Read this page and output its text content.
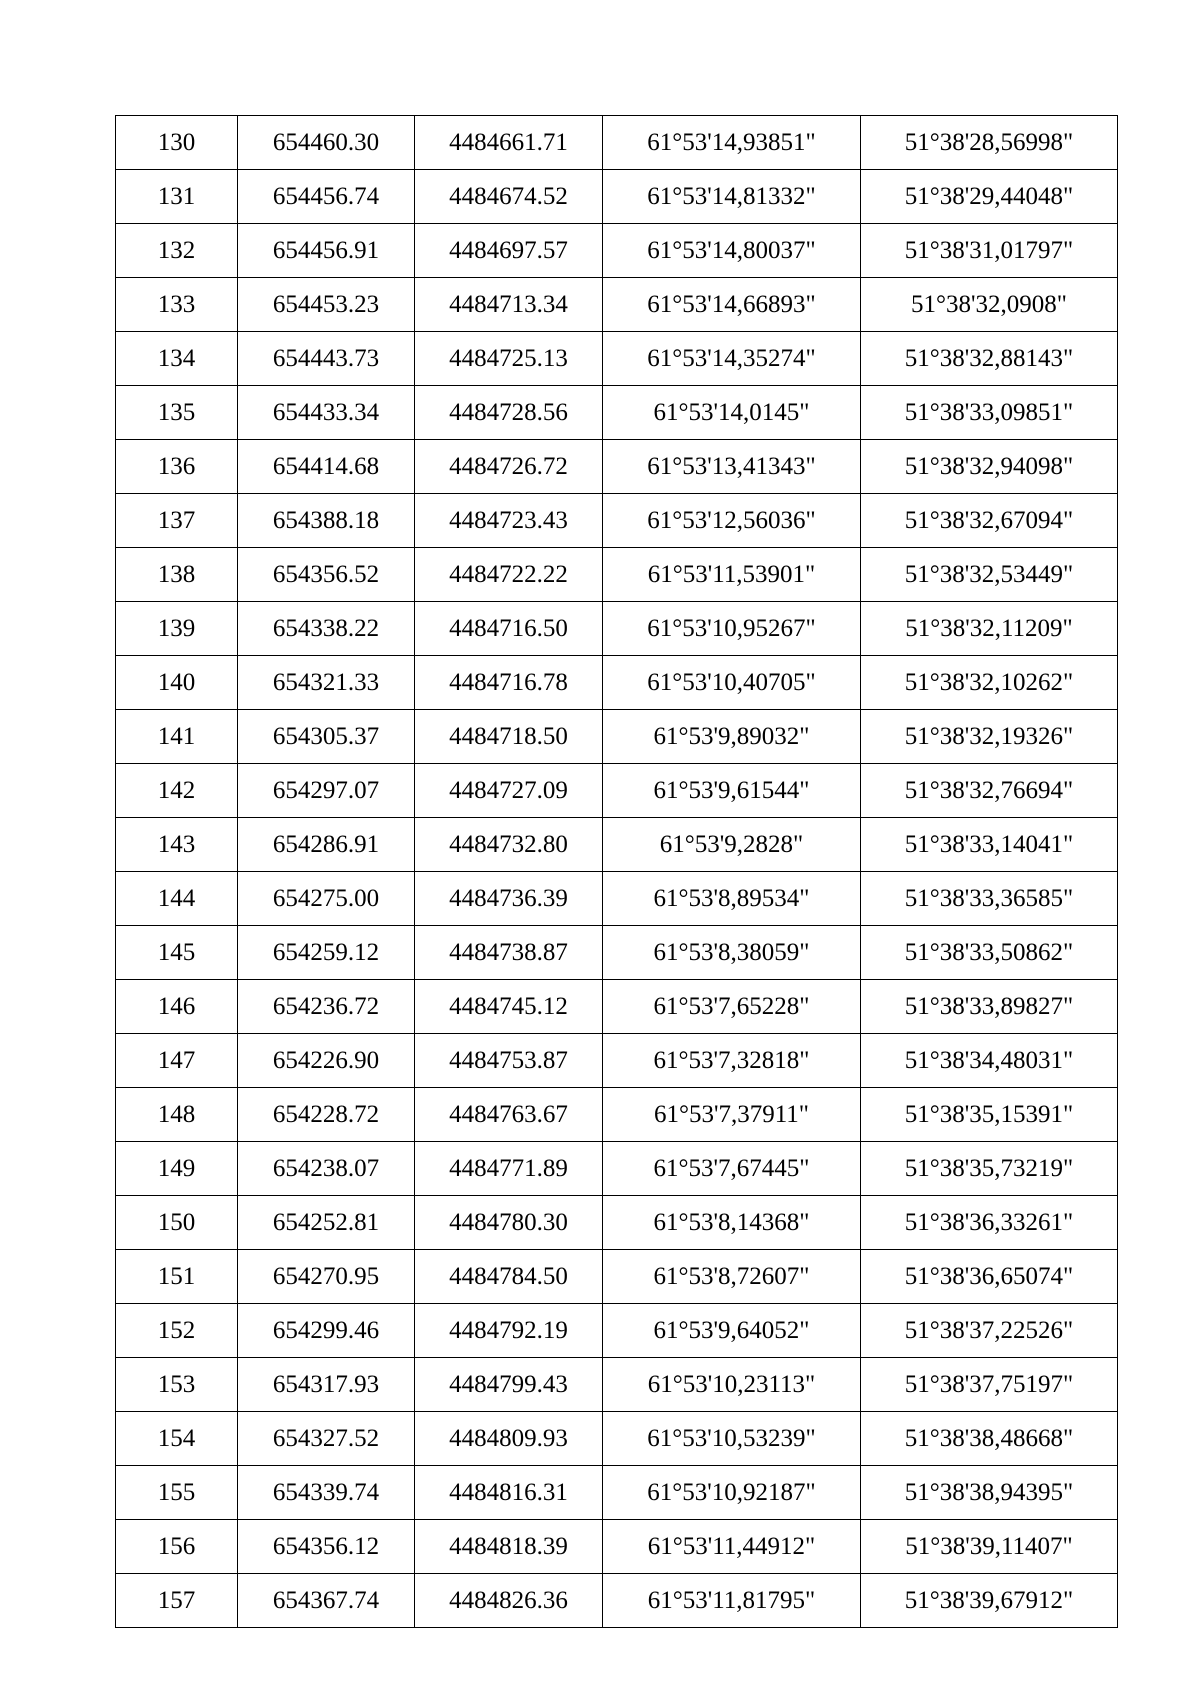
130	654460.30	4484661.71	61°53'14,93851"	51°38'28,56998"
131	654456.74	4484674.52	61°53'14,81332"	51°38'29,44048"
132	654456.91	4484697.57	61°53'14,80037"	51°38'31,01797"
133	654453.23	4484713.34	61°53'14,66893"	51°38'32,0908"
134	654443.73	4484725.13	61°53'14,35274"	51°38'32,88143"
135	654433.34	4484728.56	61°53'14,0145"	51°38'33,09851"
136	654414.68	4484726.72	61°53'13,41343"	51°38'32,94098"
137	654388.18	4484723.43	61°53'12,56036"	51°38'32,67094"
138	654356.52	4484722.22	61°53'11,53901"	51°38'32,53449"
139	654338.22	4484716.50	61°53'10,95267"	51°38'32,11209"
140	654321.33	4484716.78	61°53'10,40705"	51°38'32,10262"
141	654305.37	4484718.50	61°53'9,89032"	51°38'32,19326"
142	654297.07	4484727.09	61°53'9,61544"	51°38'32,76694"
143	654286.91	4484732.80	61°53'9,2828"	51°38'33,14041"
144	654275.00	4484736.39	61°53'8,89534"	51°38'33,36585"
145	654259.12	4484738.87	61°53'8,38059"	51°38'33,50862"
146	654236.72	4484745.12	61°53'7,65228"	51°38'33,89827"
147	654226.90	4484753.87	61°53'7,32818"	51°38'34,48031"
148	654228.72	4484763.67	61°53'7,37911"	51°38'35,15391"
149	654238.07	4484771.89	61°53'7,67445"	51°38'35,73219"
150	654252.81	4484780.30	61°53'8,14368"	51°38'36,33261"
151	654270.95	4484784.50	61°53'8,72607"	51°38'36,65074"
152	654299.46	4484792.19	61°53'9,64052"	51°38'37,22526"
153	654317.93	4484799.43	61°53'10,23113"	51°38'37,75197"
154	654327.52	4484809.93	61°53'10,53239"	51°38'38,48668"
155	654339.74	4484816.31	61°53'10,92187"	51°38'38,94395"
156	654356.12	4484818.39	61°53'11,44912"	51°38'39,11407"
157	654367.74	4484826.36	61°53'11,81795"	51°38'39,67912"
